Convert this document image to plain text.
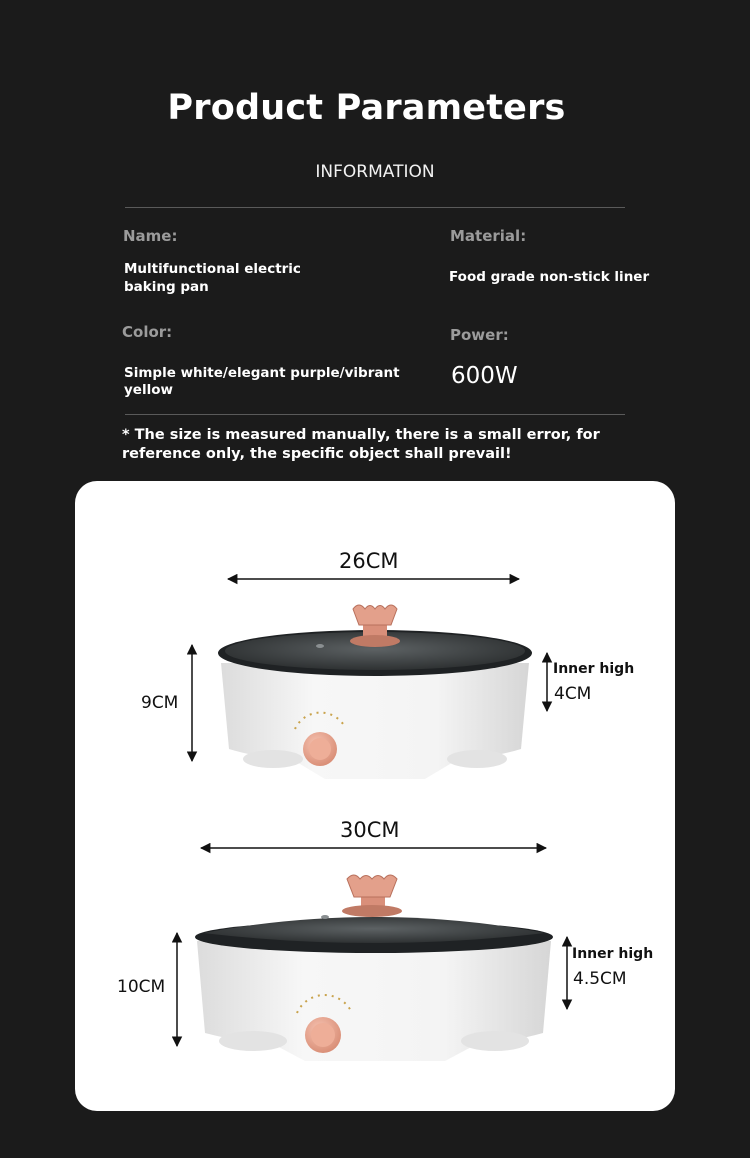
Product Parameters
INFORMATION
Name:
Multifunctional electric
baking pan
Material:
Food grade non-stick liner
Color:
Simple white/elegant purple/vibrant
yellow
Power:
600W
* The size is measured manually, there is a small error, for
reference only, the specific object shall prevail!
26CM
9CM
Inner high
4CM
30CM
10CM
Inner high
4.5CM
